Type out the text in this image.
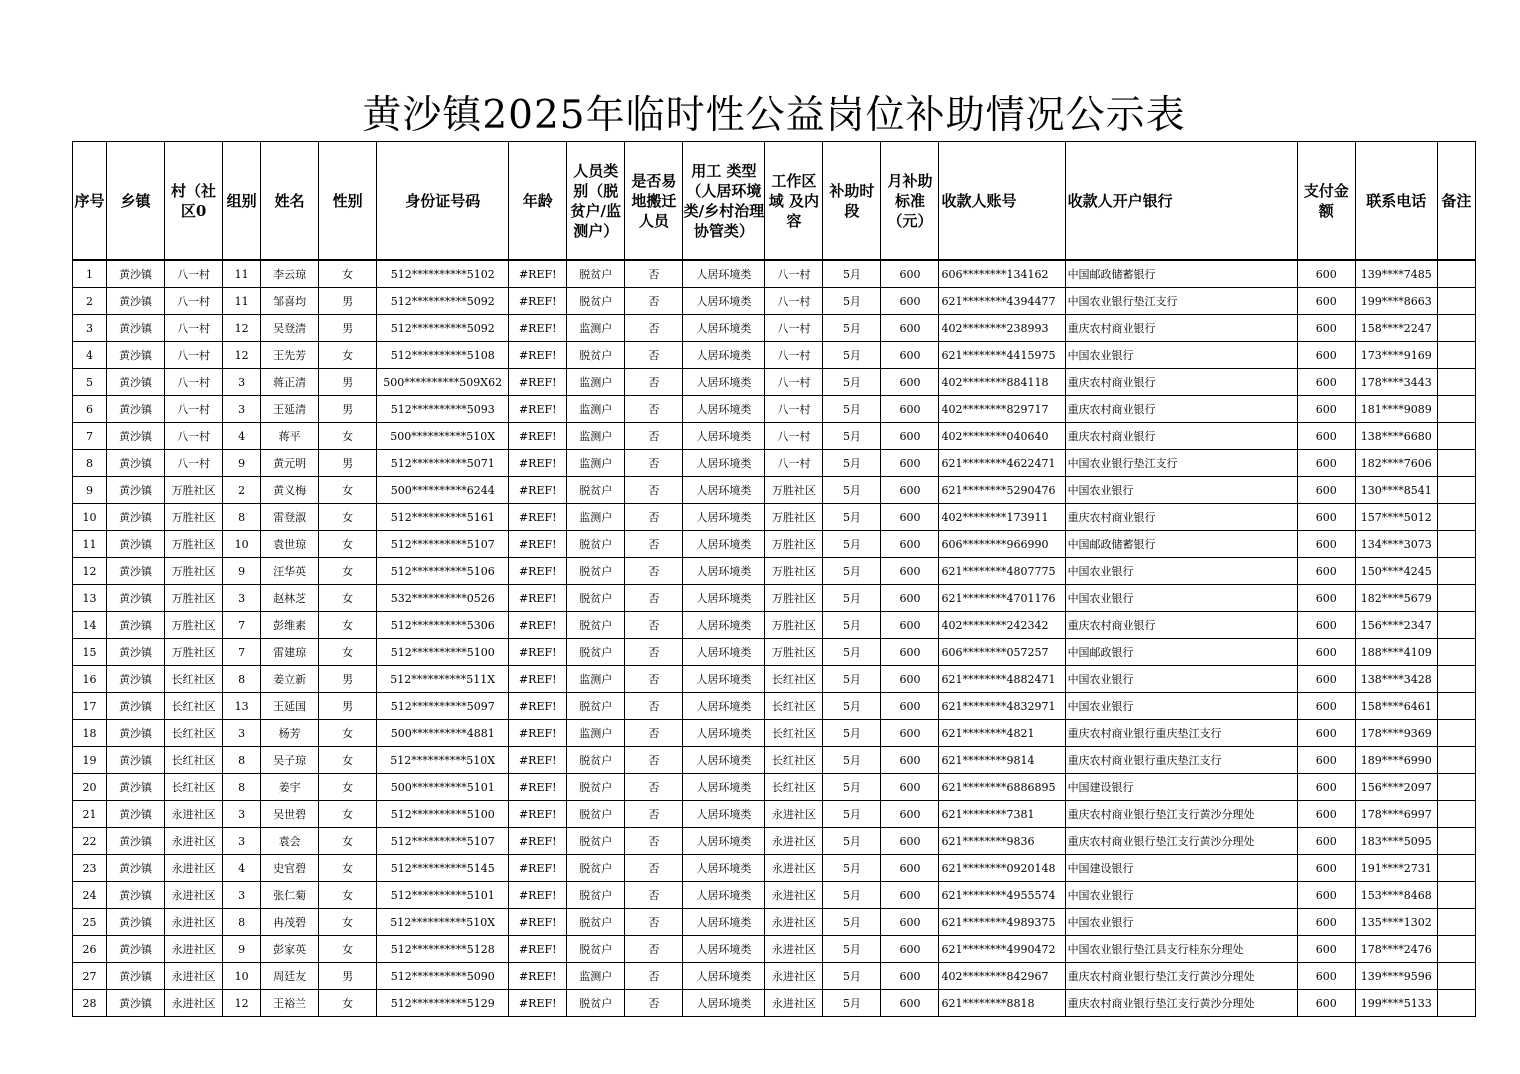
黄沙镇2025年临时性公益岗位补助情况公示表
序号	乡镇	村（社区0	组别	姓名	性别	身份证号码	年龄	人员类别（脱贫户/监测户）	是否易地搬迁人员	用工 类型（人居环境类/乡村治理协管类）	工作区域 及内容	补助时段	月补助标准（元）	收款人账号	收款人开户银行	支付金额	联系电话	备注

1	黄沙镇	八一村	11	李云琼	女	512**********5102	#REF!	脱贫户	否	人居环境类	八一村	5月	600	606********134162	中国邮政储蓄银行	600	139****7485	
2	黄沙镇	八一村	11	邹喜均	男	512**********5092	#REF!	脱贫户	否	人居环境类	八一村	5月	600	621********4394477	中国农业银行垫江支行	600	199****8663	
3	黄沙镇	八一村	12	吴登清	男	512**********5092	#REF!	监测户	否	人居环境类	八一村	5月	600	402********238993	重庆农村商业银行	600	158****2247	
4	黄沙镇	八一村	12	王先芳	女	512**********5108	#REF!	脱贫户	否	人居环境类	八一村	5月	600	621********4415975	中国农业银行	600	173****9169	
5	黄沙镇	八一村	3	蒋正清	男	500**********509X62	#REF!	监测户	否	人居环境类	八一村	5月	600	402********884118	重庆农村商业银行	600	178****3443	
6	黄沙镇	八一村	3	王延清	男	512**********5093	#REF!	监测户	否	人居环境类	八一村	5月	600	402********829717	重庆农村商业银行	600	181****9089	
7	黄沙镇	八一村	4	蒋平	女	500**********510X	#REF!	监测户	否	人居环境类	八一村	5月	600	402********040640	重庆农村商业银行	600	138****6680	
8	黄沙镇	八一村	9	黄元明	男	512**********5071	#REF!	监测户	否	人居环境类	八一村	5月	600	621********4622471	中国农业银行垫江支行	600	182****7606	
9	黄沙镇	万胜社区	2	黄义梅	女	500**********6244	#REF!	脱贫户	否	人居环境类	万胜社区	5月	600	621********5290476	中国农业银行	600	130****8541	
10	黄沙镇	万胜社区	8	雷登淑	女	512**********5161	#REF!	监测户	否	人居环境类	万胜社区	5月	600	402********173911	重庆农村商业银行	600	157****5012	
11	黄沙镇	万胜社区	10	袁世琼	女	512**********5107	#REF!	脱贫户	否	人居环境类	万胜社区	5月	600	606********966990	中国邮政储蓄银行	600	134****3073	
12	黄沙镇	万胜社区	9	汪华英	女	512**********5106	#REF!	脱贫户	否	人居环境类	万胜社区	5月	600	621********4807775	中国农业银行	600	150****4245	
13	黄沙镇	万胜社区	3	赵林芝	女	532**********0526	#REF!	脱贫户	否	人居环境类	万胜社区	5月	600	621********4701176	中国农业银行	600	182****5679	
14	黄沙镇	万胜社区	7	彭维素	女	512**********5306	#REF!	脱贫户	否	人居环境类	万胜社区	5月	600	402********242342	重庆农村商业银行	600	156****2347	
15	黄沙镇	万胜社区	7	雷建琼	女	512**********5100	#REF!	脱贫户	否	人居环境类	万胜社区	5月	600	606********057257	中国邮政银行	600	188****4109	
16	黄沙镇	长红社区	8	姜立新	男	512**********511X	#REF!	监测户	否	人居环境类	长红社区	5月	600	621********4882471	中国农业银行	600	138****3428	
17	黄沙镇	长红社区	13	王延国	男	512**********5097	#REF!	脱贫户	否	人居环境类	长红社区	5月	600	621********4832971	中国农业银行	600	158****6461	
18	黄沙镇	长红社区	3	杨芳	女	500**********4881	#REF!	监测户	否	人居环境类	长红社区	5月	600	621********4821	重庆农村商业银行重庆垫江支行	600	178****9369	
19	黄沙镇	长红社区	8	吴子琼	女	512**********510X	#REF!	脱贫户	否	人居环境类	长红社区	5月	600	621********9814	重庆农村商业银行重庆垫江支行	600	189****6990	
20	黄沙镇	长红社区	8	姜宇	女	500**********5101	#REF!	脱贫户	否	人居环境类	长红社区	5月	600	621********6886895	中国建设银行	600	156****2097	
21	黄沙镇	永进社区	3	吴世碧	女	512**********5100	#REF!	脱贫户	否	人居环境类	永进社区	5月	600	621********7381	重庆农村商业银行垫江支行黄沙分理处	600	178****6997	
22	黄沙镇	永进社区	3	袁会	女	512**********5107	#REF!	脱贫户	否	人居环境类	永进社区	5月	600	621********9836	重庆农村商业银行垫江支行黄沙分理处	600	183****5095	
23	黄沙镇	永进社区	4	史官碧	女	512**********5145	#REF!	脱贫户	否	人居环境类	永进社区	5月	600	621********0920148	中国建设银行	600	191****2731	
24	黄沙镇	永进社区	3	张仁菊	女	512**********5101	#REF!	脱贫户	否	人居环境类	永进社区	5月	600	621********4955574	中国农业银行	600	153****8468	
25	黄沙镇	永进社区	8	冉茂碧	女	512**********510X	#REF!	脱贫户	否	人居环境类	永进社区	5月	600	621********4989375	中国农业银行	600	135****1302	
26	黄沙镇	永进社区	9	彭家英	女	512**********5128	#REF!	脱贫户	否	人居环境类	永进社区	5月	600	621********4990472	中国农业银行垫江县支行桂东分理处	600	178****2476	
27	黄沙镇	永进社区	10	周廷友	男	512**********5090	#REF!	监测户	否	人居环境类	永进社区	5月	600	402********842967	重庆农村商业银行垫江支行黄沙分理处	600	139****9596	
28	黄沙镇	永进社区	12	王裕兰	女	512**********5129	#REF!	脱贫户	否	人居环境类	永进社区	5月	600	621********8818	重庆农村商业银行垫江支行黄沙分理处	600	199****5133	
